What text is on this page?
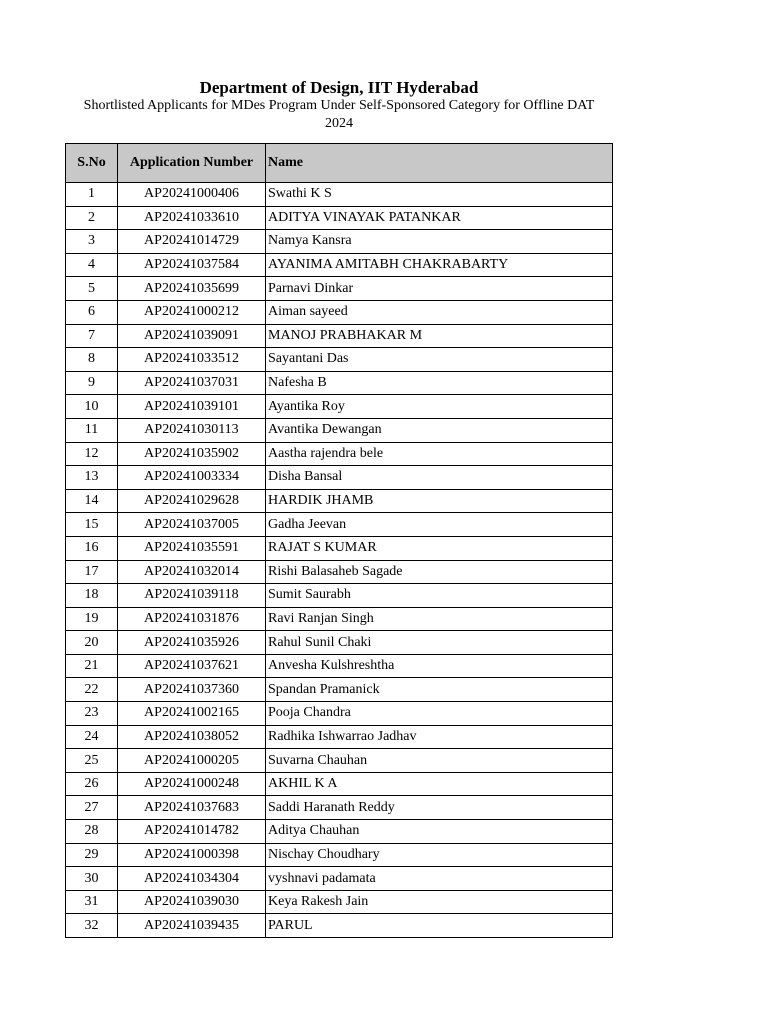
Department of Design, IIT Hyderabad
Shortlisted Applicants for MDes Program Under Self-Sponsored Category for Offline DAT 2024
S.No	Application Number	Name
1	AP20241000406	Swathi K S
2	AP20241033610	ADITYA VINAYAK PATANKAR
3	AP20241014729	Namya Kansra
4	AP20241037584	AYANIMA AMITABH CHAKRABARTY
5	AP20241035699	Parnavi Dinkar
6	AP20241000212	Aiman sayeed
7	AP20241039091	MANOJ PRABHAKAR M
8	AP20241033512	Sayantani Das
9	AP20241037031	Nafesha B
10	AP20241039101	Ayantika Roy
11	AP20241030113	Avantika Dewangan
12	AP20241035902	Aastha rajendra bele
13	AP20241003334	Disha Bansal
14	AP20241029628	HARDIK JHAMB
15	AP20241037005	Gadha Jeevan
16	AP20241035591	RAJAT S KUMAR
17	AP20241032014	Rishi Balasaheb Sagade
18	AP20241039118	Sumit Saurabh
19	AP20241031876	Ravi Ranjan Singh
20	AP20241035926	Rahul Sunil Chaki
21	AP20241037621	Anvesha Kulshreshtha
22	AP20241037360	Spandan Pramanick
23	AP20241002165	Pooja Chandra
24	AP20241038052	Radhika Ishwarrao Jadhav
25	AP20241000205	Suvarna Chauhan
26	AP20241000248	AKHIL K A
27	AP20241037683	Saddi Haranath Reddy
28	AP20241014782	Aditya Chauhan
29	AP20241000398	Nischay Choudhary
30	AP20241034304	vyshnavi padamata
31	AP20241039030	Keya Rakesh Jain
32	AP20241039435	PARUL
